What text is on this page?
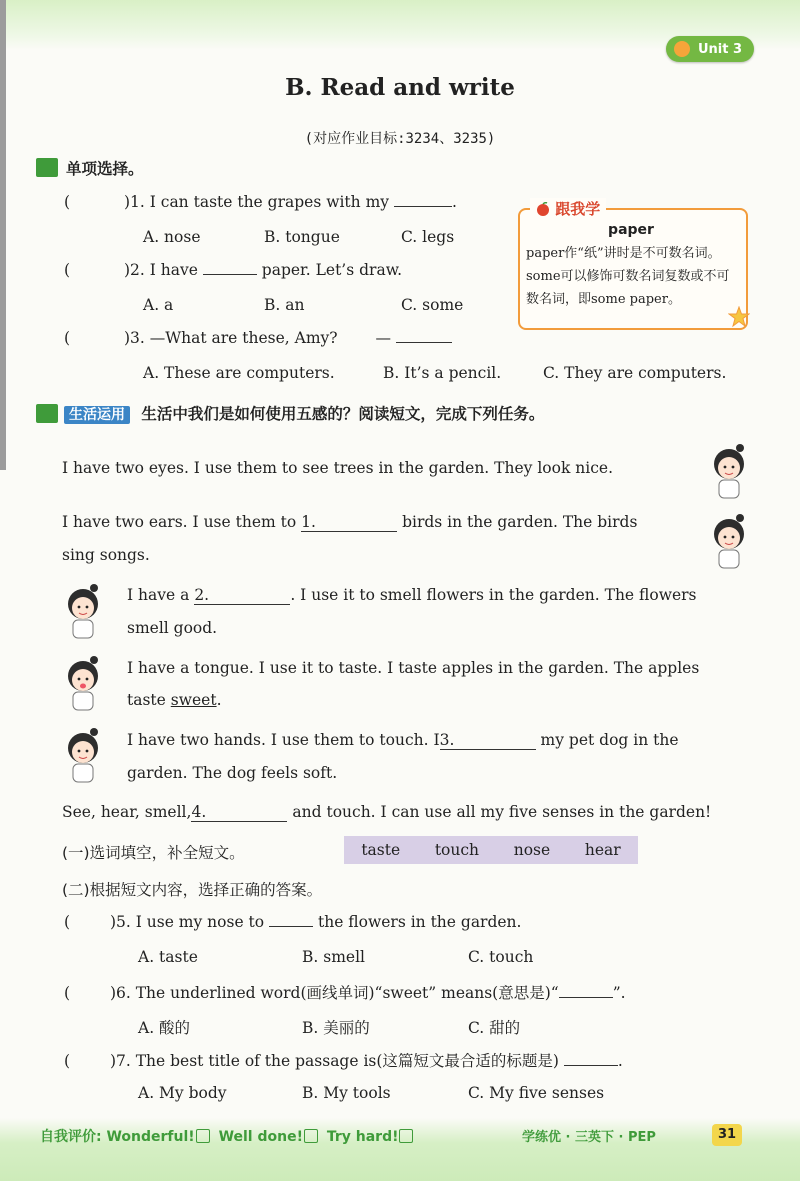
Unit 3
B. Read and write
(对应作业目标:3234、3235)
单项选择。
(	)1. I can taste the grapes with my	.
A. nose	B. tongue	C. legs
(	)2. I have	paper. Let’s draw.
A. a	B. an	C. some
(	)3. —What are these, Amy? —
A. These are computers.	B. It’s a pencil.	C. They are computers.
跟我学
paper
paper作“纸”讲时是不可数名词。some可以修饰可数名词复数或不可数名词，即some paper。
生活运用 生活中我们是如何使用五感的？阅读短文，完成下列任务。
I have two eyes. I use them to see trees in the garden. They look nice.
I have two ears. I use them to 1.	birds in the garden. The birds
sing songs.
I have a 2.	. I use it to smell flowers in the garden. The flowers
smell good.
I have a tongue. I use it to taste. I taste apples in the garden. The apples
taste sweet.
I have two hands. I use them to touch. I3.	my pet dog in the
garden. The dog feels soft.
See, hear, smell,4.	and touch. I can use all my five senses in the garden!
(一)选词填空，补全短文。	taste touch nose hear
(二)根据短文内容，选择正确的答案。
(	)5. I use my nose to	the flowers in the garden.
A. taste	B. smell	C. touch
(	)6. The underlined word(画线单词)“sweet” means(意思是)“	”.
A. 酸的	B. 美丽的	C. 甜的
(	)7. The best title of the passage is(这篇短文最合适的标题是)	.
A. My body	B. My tools	C. My five senses
自我评价: Wonderful! Well done! Try hard!	学练优 · 三英下 · PEP	31
